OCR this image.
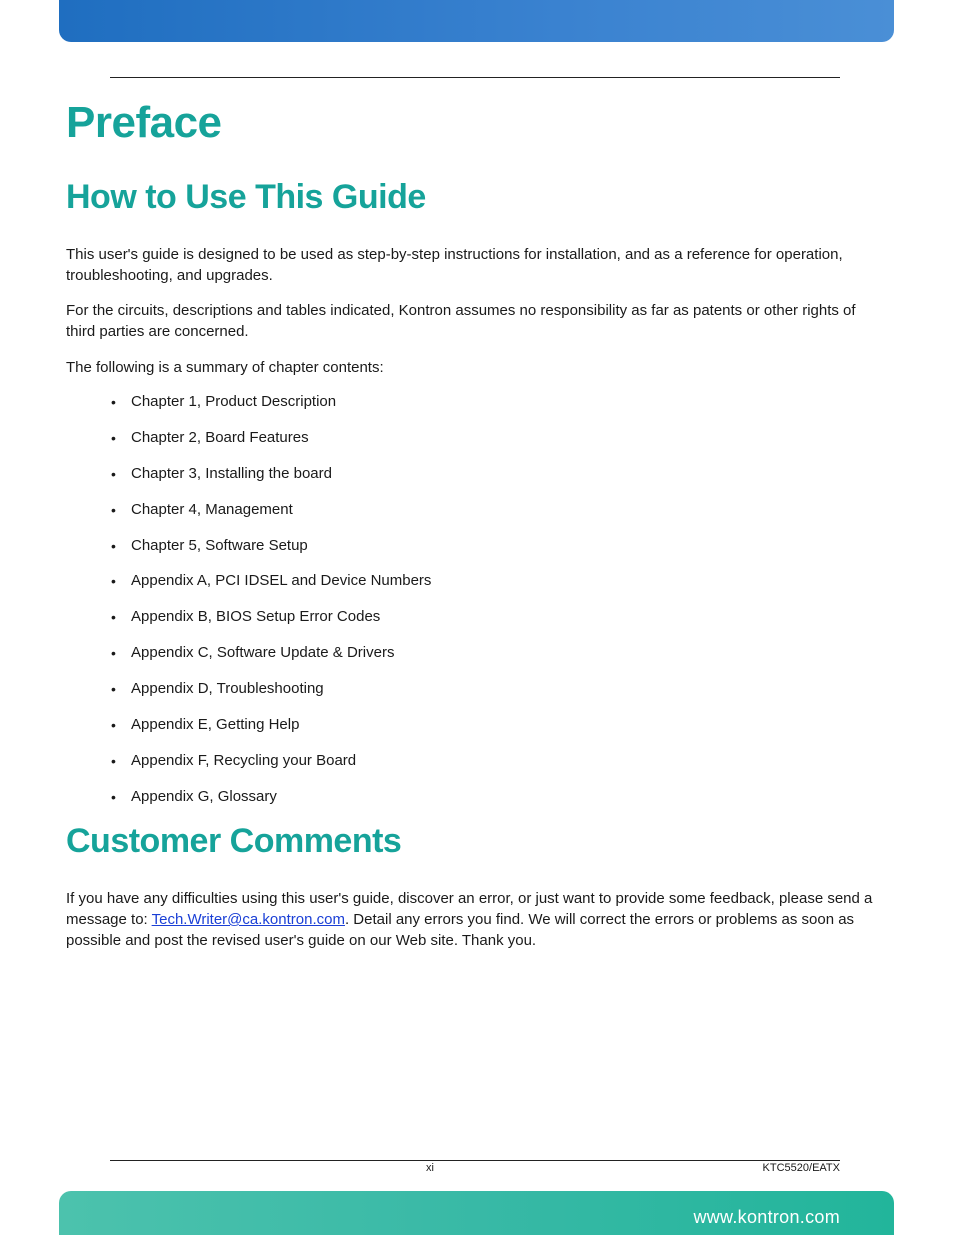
Preface
How to Use This Guide

This user's guide is designed to be used as step-by-step instructions for installation, and as a reference for operation, troubleshooting, and upgrades.

For the circuits, descriptions and tables indicated, Kontron assumes no responsibility as far as patents or other rights of third parties are concerned.

The following is a summary of chapter contents:

• Chapter 1, Product Description
• Chapter 2, Board Features
• Chapter 3, Installing the board
• Chapter 4, Management
• Chapter 5, Software Setup
• Appendix A, PCI IDSEL and Device Numbers
• Appendix B, BIOS Setup Error Codes
• Appendix C, Software Update & Drivers
• Appendix D, Troubleshooting
• Appendix E, Getting Help
• Appendix F, Recycling your Board
• Appendix G, Glossary
Customer Comments

If you have any difficulties using this user's guide, discover an error, or just want to provide some feedback, please send a message to: Tech.Writer@ca.kontron.com. Detail any errors you find. We will correct the errors or problems as soon as possible and post the revised user's guide on our Web site. Thank you.

xi	KTC5520/EATX
www.kontron.com
